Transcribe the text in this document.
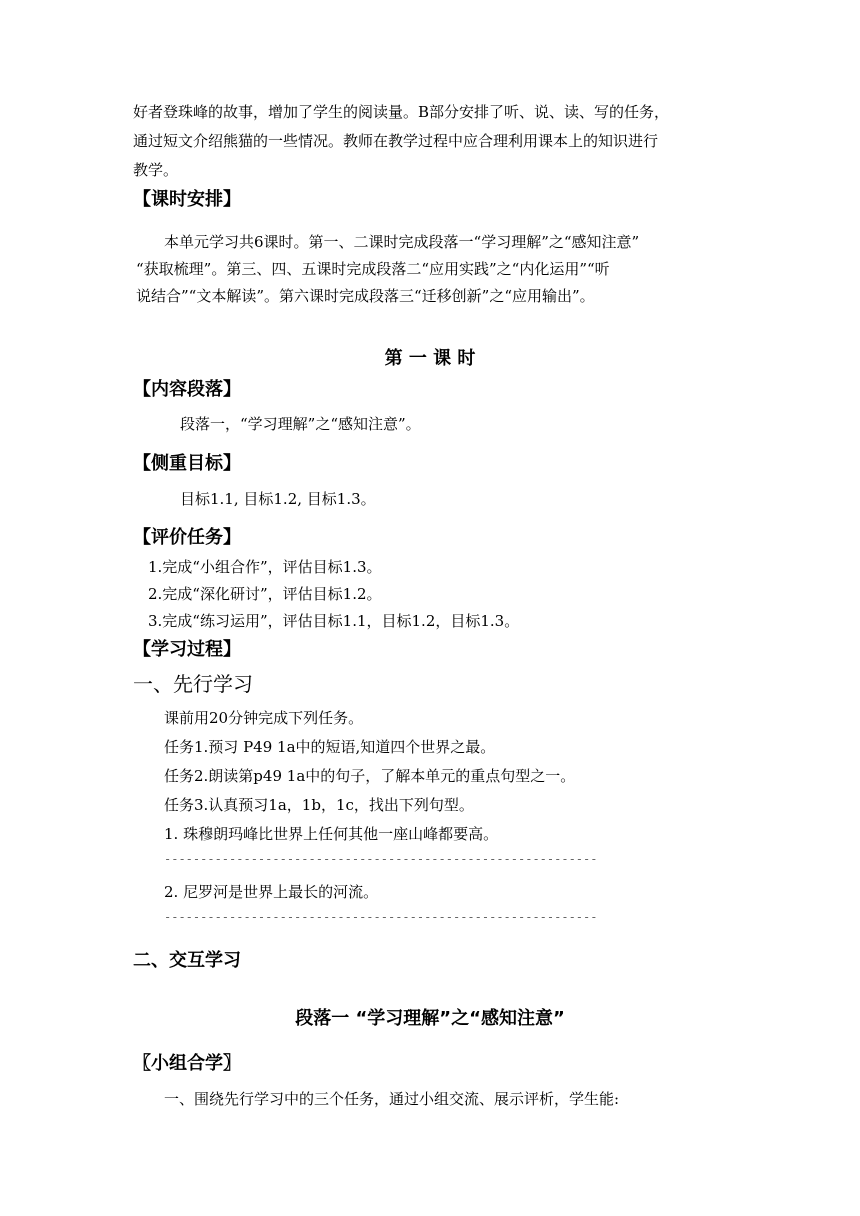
好者登珠峰的故事，增加了学生的阅读量。B部分安排了听、说、读、写的任务，
通过短文介绍熊猫的一些情况。教师在教学过程中应合理利用课本上的知识进行
教学。
【课时安排】
本单元学习共6课时。第一、二课时完成段落一“学习理解”之“感知注意”
“获取梳理”。第三、四、五课时完成段落二“应用实践”之“内化运用”“听
说结合”“文本解读”。第六课时完成段落三“迁移创新”之“应用输出”。
第 一 课 时
【内容段落】
段落一，“学习理解”之“感知注意”。
【侧重目标】
目标1.1, 目标1.2, 目标1.3。
【评价任务】
1.完成“小组合作”，评估目标1.3。
2.完成“深化研讨”，评估目标1.2。
3.完成“练习运用”，评估目标1.1，目标1.2，目标1.3。
【学习过程】
一、先行学习
课前用20分钟完成下列任务。
任务1.预习 P49 1a中的短语,知道四个世界之最。
任务2.朗读第p49 1a中的句子，了解本单元的重点句型之一。
任务3.认真预习1a，1b，1c，找出下列句型。
1. 珠穆朗玛峰比世界上任何其他一座山峰都要高。
------------------------------------------------------------
2. 尼罗河是世界上最长的河流。
------------------------------------------------------------
二、交互学习
段落一 “学习理解”之“感知注意”
〖小组合学〗
一、围绕先行学习中的三个任务，通过小组交流、展示评析，学生能:
